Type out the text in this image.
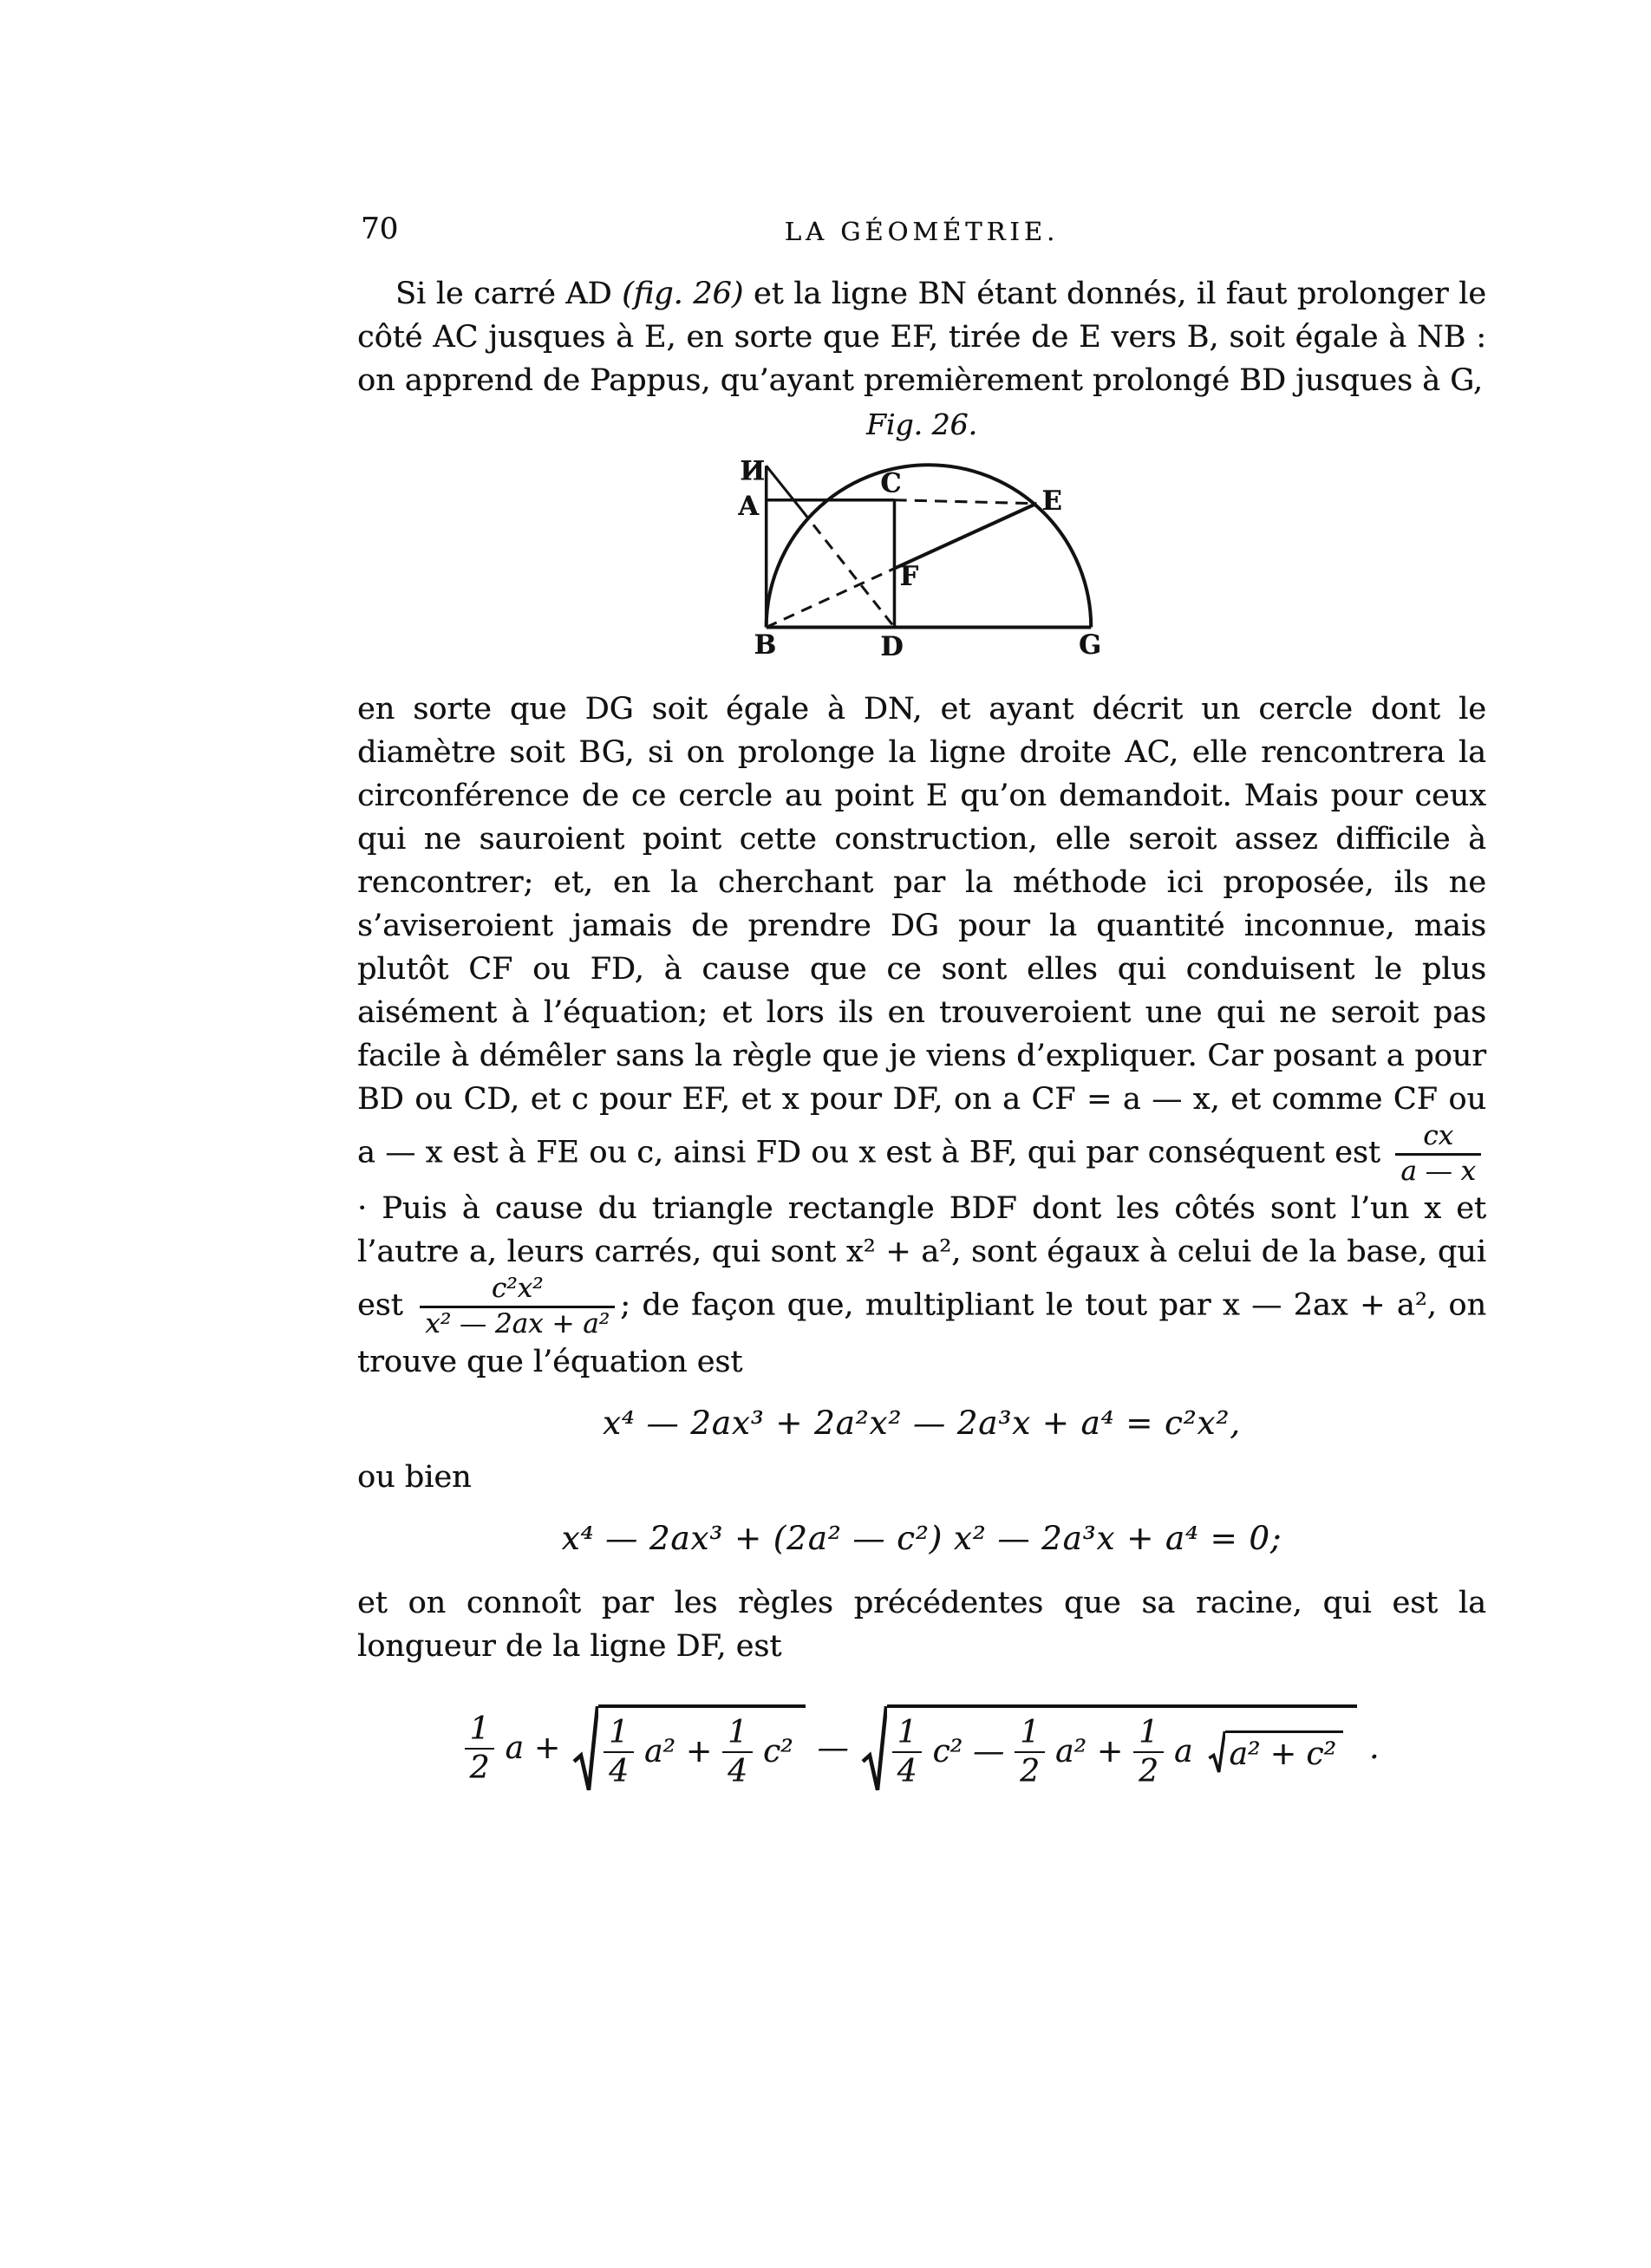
70	LA GÉOMÉTRIE.

Si le carré AD (fig. 26) et la ligne BN étant donnés, il faut prolonger le côté AC jusques à E, en sorte que EF, tirée de E vers B, soit égale à NB : on apprend de Pappus, qu’ayant premièrement prolongé BD jusques à G,

Fig. 26.
И
A
B
C
D
E
F
G

en sorte que DG soit égale à DN, et ayant décrit un cercle dont le diamètre soit BG, si on prolonge la ligne droite AC, elle rencontrera la circonférence de ce cercle au point E qu’on demandoit. Mais pour ceux qui ne sauroient point cette construction, elle seroit assez difficile à rencontrer; et, en la cherchant par la méthode ici proposée, ils ne s’aviseroient jamais de prendre DG pour la quantité inconnue, mais plutôt CF ou FD, à cause que ce sont elles qui conduisent le plus aisément à l’équation; et lors ils en trouveroient une qui ne seroit pas facile à démêler sans la règle que je viens d’expliquer. Car posant a pour BD ou CD, et c pour EF, et x pour DF, on a CF = a — x, et comme CF ou a — x est à FE ou c, ainsi FD ou x est à BF, qui par conséquent est $\frac{cx}{a — x}$
· Puis à cause du triangle rectangle BDF dont les côtés sont l’un x et l’autre a, leurs carrés, qui sont x² + a², sont égaux à celui de la base, qui est $\frac{\text{c²x²}}{\text{x² — 2ax + a²}}$ ; de façon que, multipliant le tout par x — 2ax + a², on trouve que l’équation est

x⁴ — 2ax³ + 2a²x² — 2a³x + a⁴ = c²x²,

ou bien

x⁴ — 2ax³ + (2a² — c²) x² — 2a³x + a⁴ = 0;

et on connoît par les règles précédentes que sa racine, qui est la longueur de la ligne DF, est

$\frac{1}{2}$ $a + \frac{1}{4} a^2 + \frac{1}{4} c^2$ — $\frac{1}{4} c^2$ — $\frac{1}{2} a^2 + \frac{1}{2}$ a a² + c² .
